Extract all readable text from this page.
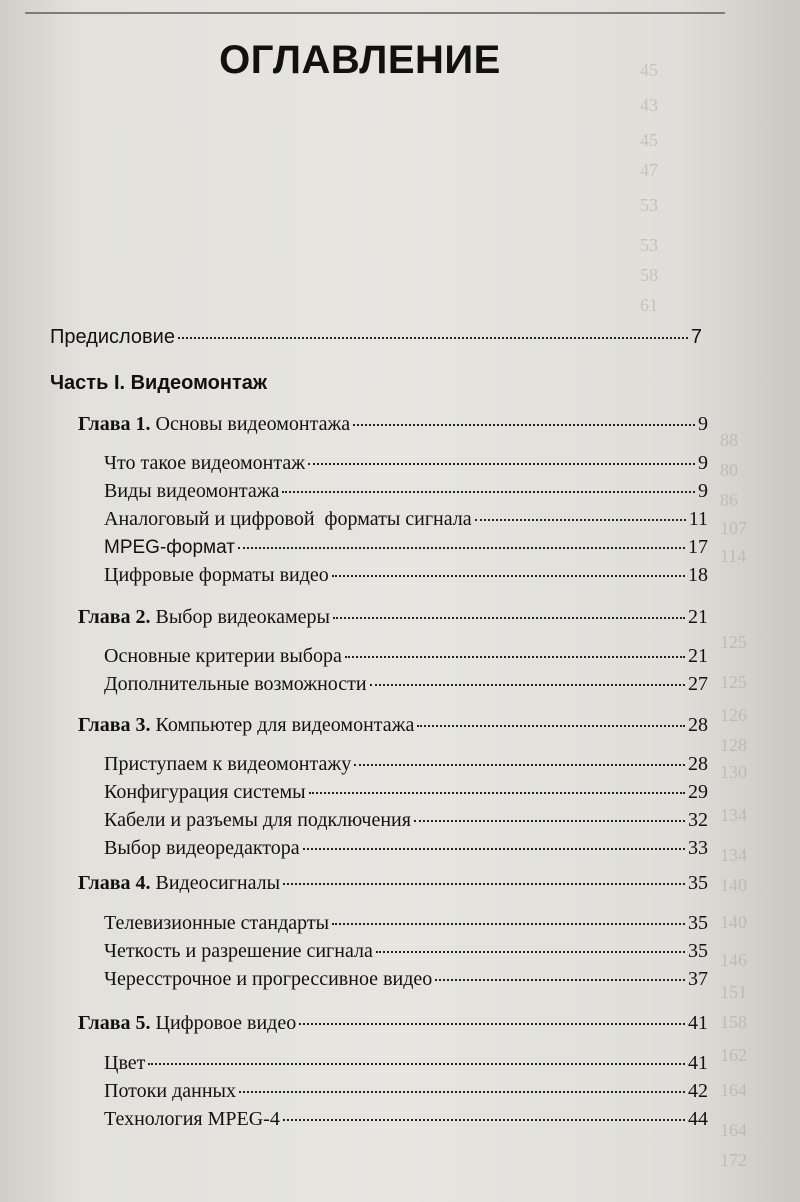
45
43
45
47
53
53
58
61
88
80
86
107
114
125
125
126
128
130
134
134
140
140
146
151
158
162
164
164
172
ОГЛАВЛЕНИЕ
Предисловие	7
Часть I. Видеомонтаж
Глава 1. Основы видеомонтажа	9
Что такое видеомонтаж	9
Виды видеомонтажа	9
Аналоговый и цифровой  форматы сигнала	11
MPEG-формат	17
Цифровые форматы видео	18
Глава 2. Выбор видеокамеры	21
Основные критерии выбора	21
Дополнительные возможности	27
Глава 3. Компьютер для видеомонтажа	28
Приступаем к видеомонтажу	28
Конфигурация системы	29
Кабели и разъемы для подключения	32
Выбор видеоредактора	33
Глава 4. Видеосигналы	35
Телевизионные стандарты	35
Четкость и разрешение сигнала	35
Чересстрочное и прогрессивное видео	37
Глава 5. Цифровое видео	41
Цвет	41
Потоки данных	42
Технология MPEG-4	44
